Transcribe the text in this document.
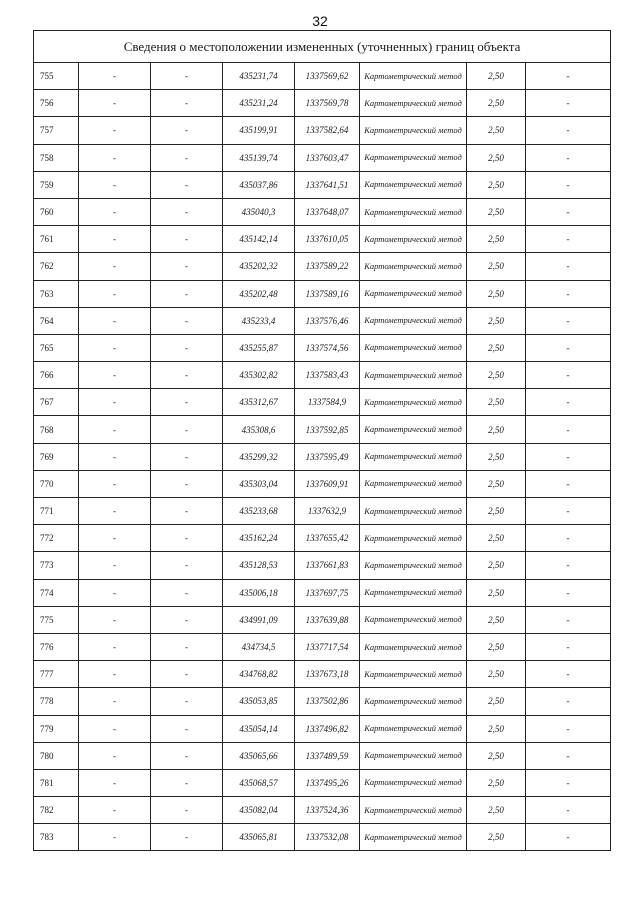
32
Сведения о местоположении измененных (уточненных) границ объекта							
755	-	-	435231,74	1337569,62	Картометрический метод	2,50	-
756	-	-	435231,24	1337569,78	Картометрический метод	2,50	-
757	-	-	435199,91	1337582,64	Картометрический метод	2,50	-
758	-	-	435139,74	1337603,47	Картометрический метод	2,50	-
759	-	-	435037,86	1337641,51	Картометрический метод	2,50	-
760	-	-	435040,3	1337648,07	Картометрический метод	2,50	-
761	-	-	435142,14	1337610,05	Картометрический метод	2,50	-
762	-	-	435202,32	1337589,22	Картометрический метод	2,50	-
763	-	-	435202,48	1337589,16	Картометрический метод	2,50	-
764	-	-	435233,4	1337576,46	Картометрический метод	2,50	-
765	-	-	435255,87	1337574,56	Картометрический метод	2,50	-
766	-	-	435302,82	1337583,43	Картометрический метод	2,50	-
767	-	-	435312,67	1337584,9	Картометрический метод	2,50	-
768	-	-	435308,6	1337592,85	Картометрический метод	2,50	-
769	-	-	435299,32	1337595,49	Картометрический метод	2,50	-
770	-	-	435303,04	1337609,91	Картометрический метод	2,50	-
771	-	-	435233,68	1337632,9	Картометрический метод	2,50	-
772	-	-	435162,24	1337655,42	Картометрический метод	2,50	-
773	-	-	435128,53	1337661,83	Картометрический метод	2,50	-
774	-	-	435006,18	1337697,75	Картометрический метод	2,50	-
775	-	-	434991,09	1337639,88	Картометрический метод	2,50	-
776	-	-	434734,5	1337717,54	Картометрический метод	2,50	-
777	-	-	434768,82	1337673,18	Картометрический метод	2,50	-
778	-	-	435053,85	1337502,86	Картометрический метод	2,50	-
779	-	-	435054,14	1337496,82	Картометрический метод	2,50	-
780	-	-	435065,66	1337489,59	Картометрический метод	2,50	-
781	-	-	435068,57	1337495,26	Картометрический метод	2,50	-
782	-	-	435082,04	1337524,36	Картометрический метод	2,50	-
783	-	-	435065,81	1337532,08	Картометрический метод	2,50	-
